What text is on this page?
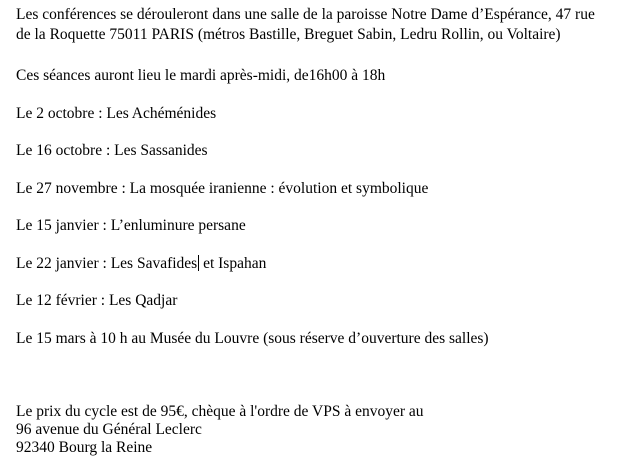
Les conférences se dérouleront dans une salle de la paroisse Notre Dame d’Espérance, 47 rue
de la Roquette 75011 PARIS (métros Bastille, Breguet Sabin, Ledru Rollin, ou Voltaire)
Ces séances auront lieu le mardi après-midi, de16h00 à 18h
Le 2 octobre : Les Achéménides
Le 16 octobre : Les Sassanides
Le 27 novembre : La mosquée iranienne : évolution et symbolique
Le 15 janvier : L’enluminure persane
Le 22 janvier : Les Savafides et Ispahan
Le 12 février : Les Qadjar
Le 15 mars à 10 h au Musée du Louvre (sous réserve d’ouverture des salles)
Le prix du cycle est de 95€, chèque à l'ordre de VPS à envoyer au
96 avenue du Général Leclerc
92340 Bourg la Reine
